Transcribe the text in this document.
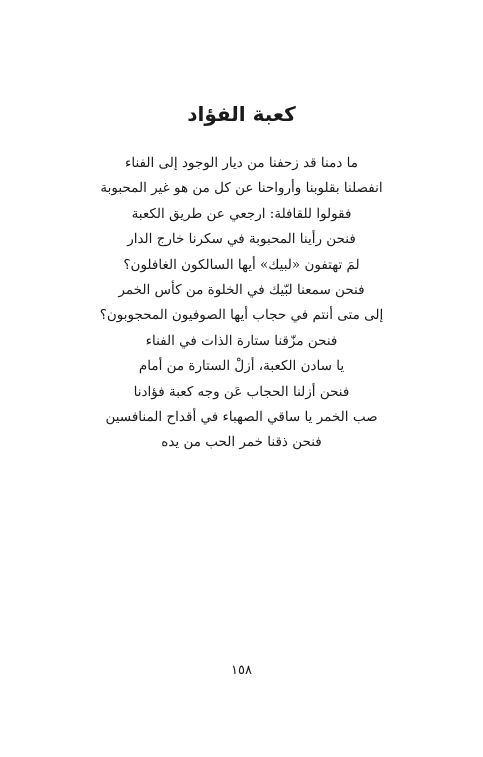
كعبة الفؤاد
ما دمنا قد زحفنا من ديار الوجود إلى الفناء
انفصلنا بقلوبنا وأرواحنا عن كل من هو غير المحبوبة
فقولوا للقافلة: ارجعي عن طريق الكعبة
فنحن رأينا المحبوبة في سكرنا خارج الدار
لمَ تهتفون «لبيك» أيها السالكون الغافلون؟
فنحن سمعنا لبّيك في الخلوة من كأس الخمر
إلى متى أنتم في حجاب أيها الصوفيون المحجوبون؟
فنحن مزّقنا ستارة الذات في الفناء
يا سادن الكعبة، أزلْ الستارة من أمام
فنحن أزلنا الحجاب عَن وجه كعبة فؤادنا
صب الخمر يا ساقي الصهباء في أقداح المنافسين
فنحن ذقنا خمر الحب من يده
١٥٨
